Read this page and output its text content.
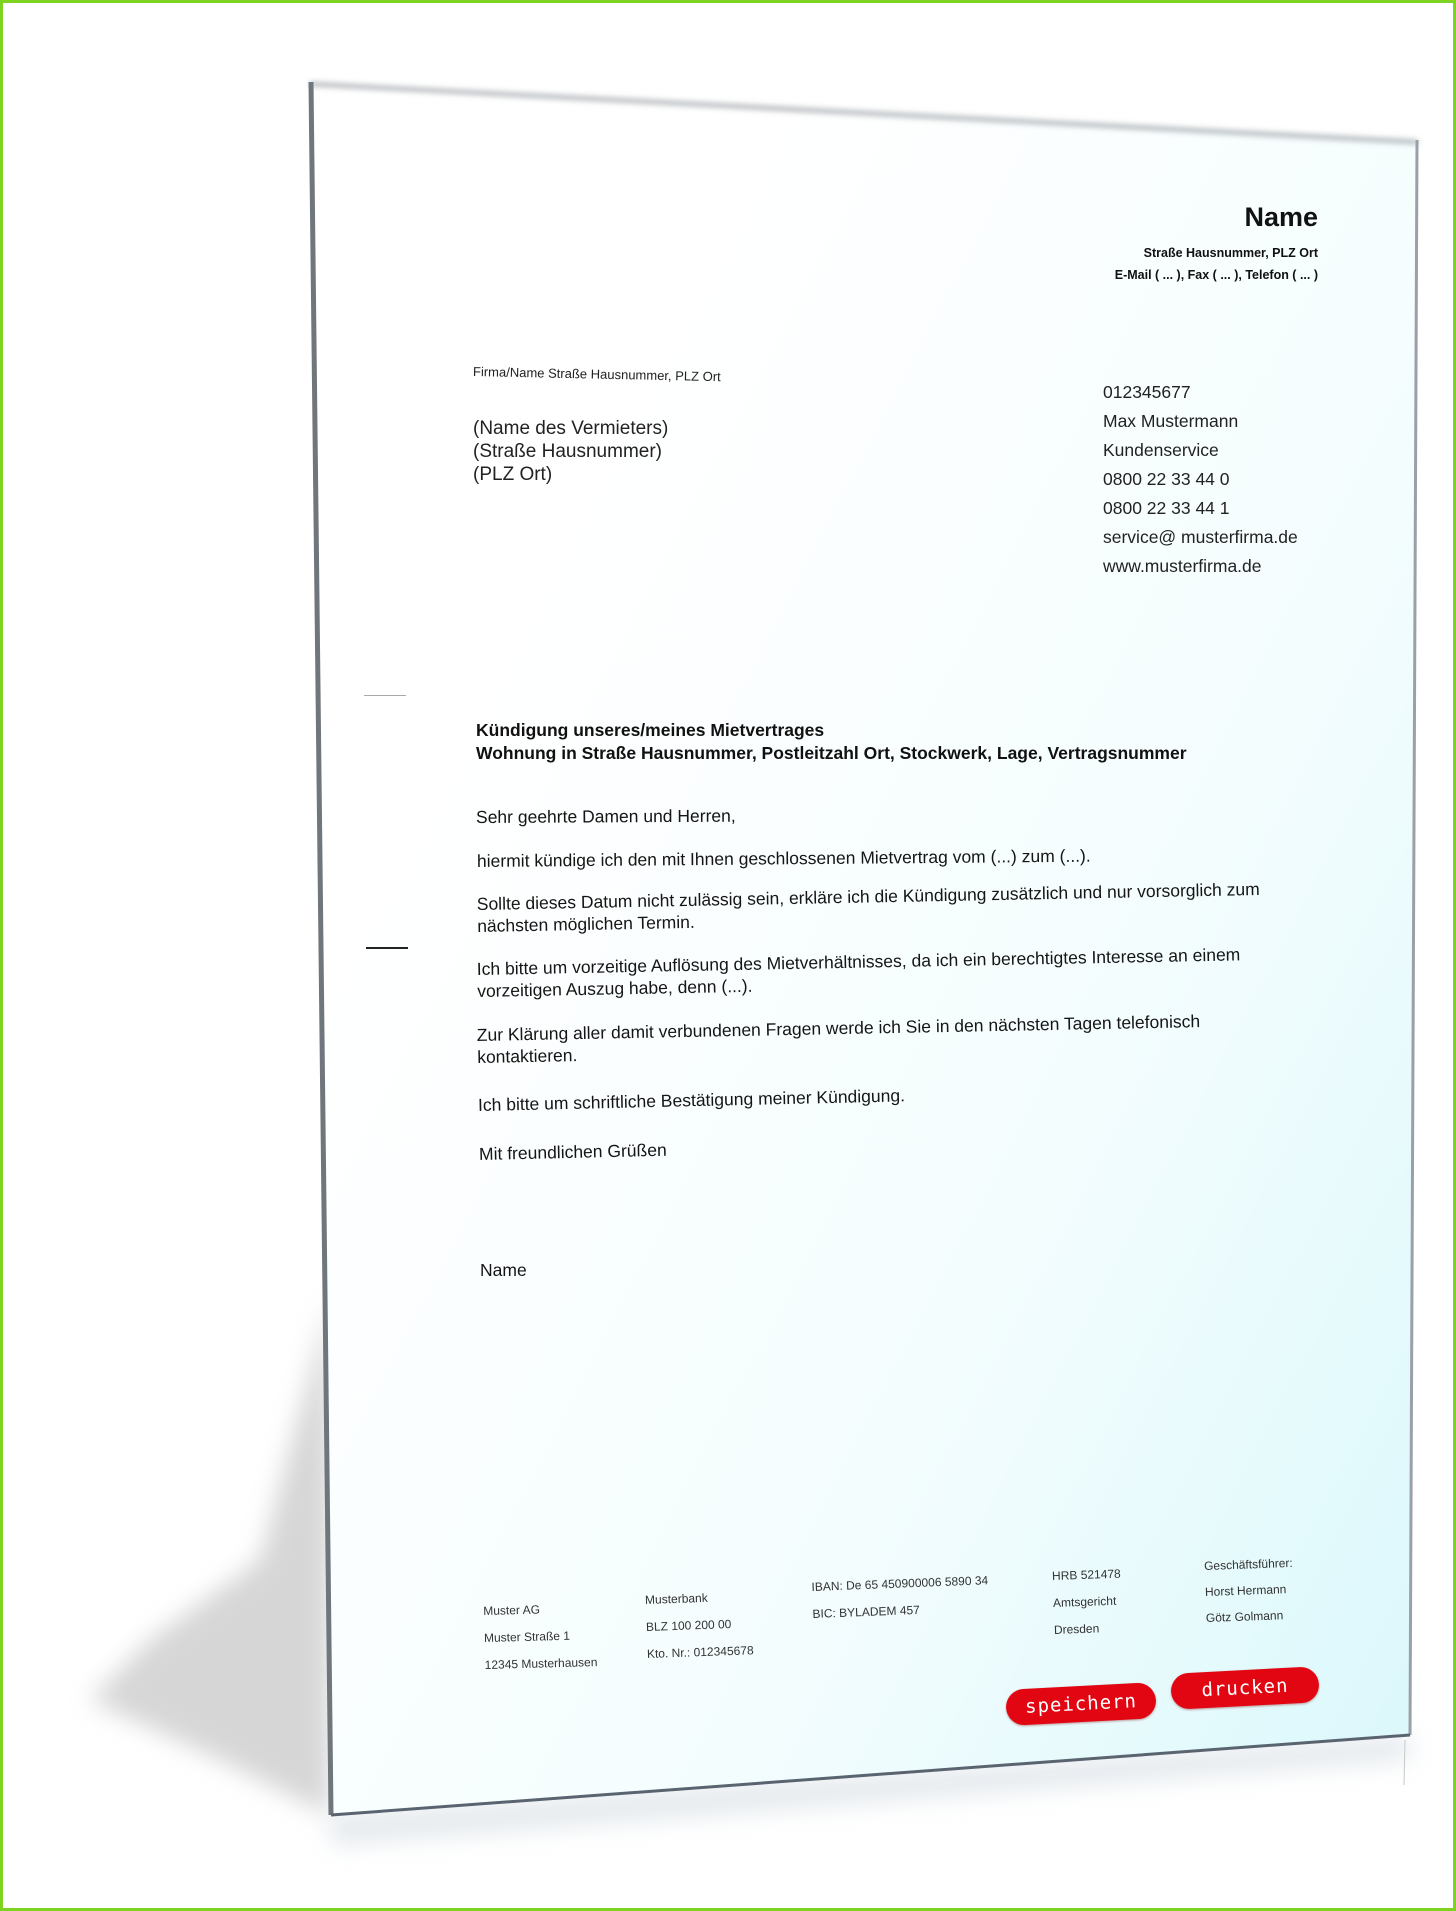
Name
Straße Hausnummer, PLZ Ort
E-Mail ( ... ), Fax ( ... ), Telefon ( ... )
Firma/Name Straße Hausnummer, PLZ Ort
(Name des Vermieters)
(Straße Hausnummer)
(PLZ Ort)
012345677
Max Mustermann
Kundenservice
0800 22 33 44 0
0800 22 33 44 1
service@ musterfirma.de
www.musterfirma.de
Kündigung unseres/meines Mietvertrages
Wohnung in Straße Hausnummer, Postleitzahl Ort, Stockwerk, Lage, Vertragsnummer
Sehr geehrte Damen und Herren,
hiermit kündige ich den mit Ihnen geschlossenen Mietvertrag vom (...) zum (...).
Sollte dieses Datum nicht zulässig sein, erkläre ich die Kündigung zusätzlich und nur vorsorglich zum
nächsten möglichen Termin.
Ich bitte um vorzeitige Auflösung des Mietverhältnisses, da ich ein berechtigtes Interesse an einem
vorzeitigen Auszug habe, denn (...).
Zur Klärung aller damit verbundenen Fragen werde ich Sie in den nächsten Tagen telefonisch
kontaktieren.
Ich bitte um schriftliche Bestätigung meiner Kündigung.
Mit freundlichen Grüßen
Name
Muster AG
Muster Straße 1
12345 Musterhausen
Musterbank
BLZ 100 200 00
Kto. Nr.: 012345678
IBAN: De 65 450900006 5890 34
BIC: BYLADEM 457
HRB 521478
Amtsgericht
Dresden
Geschäftsführer:
Horst Hermann
Götz Golmann
speichern
drucken
